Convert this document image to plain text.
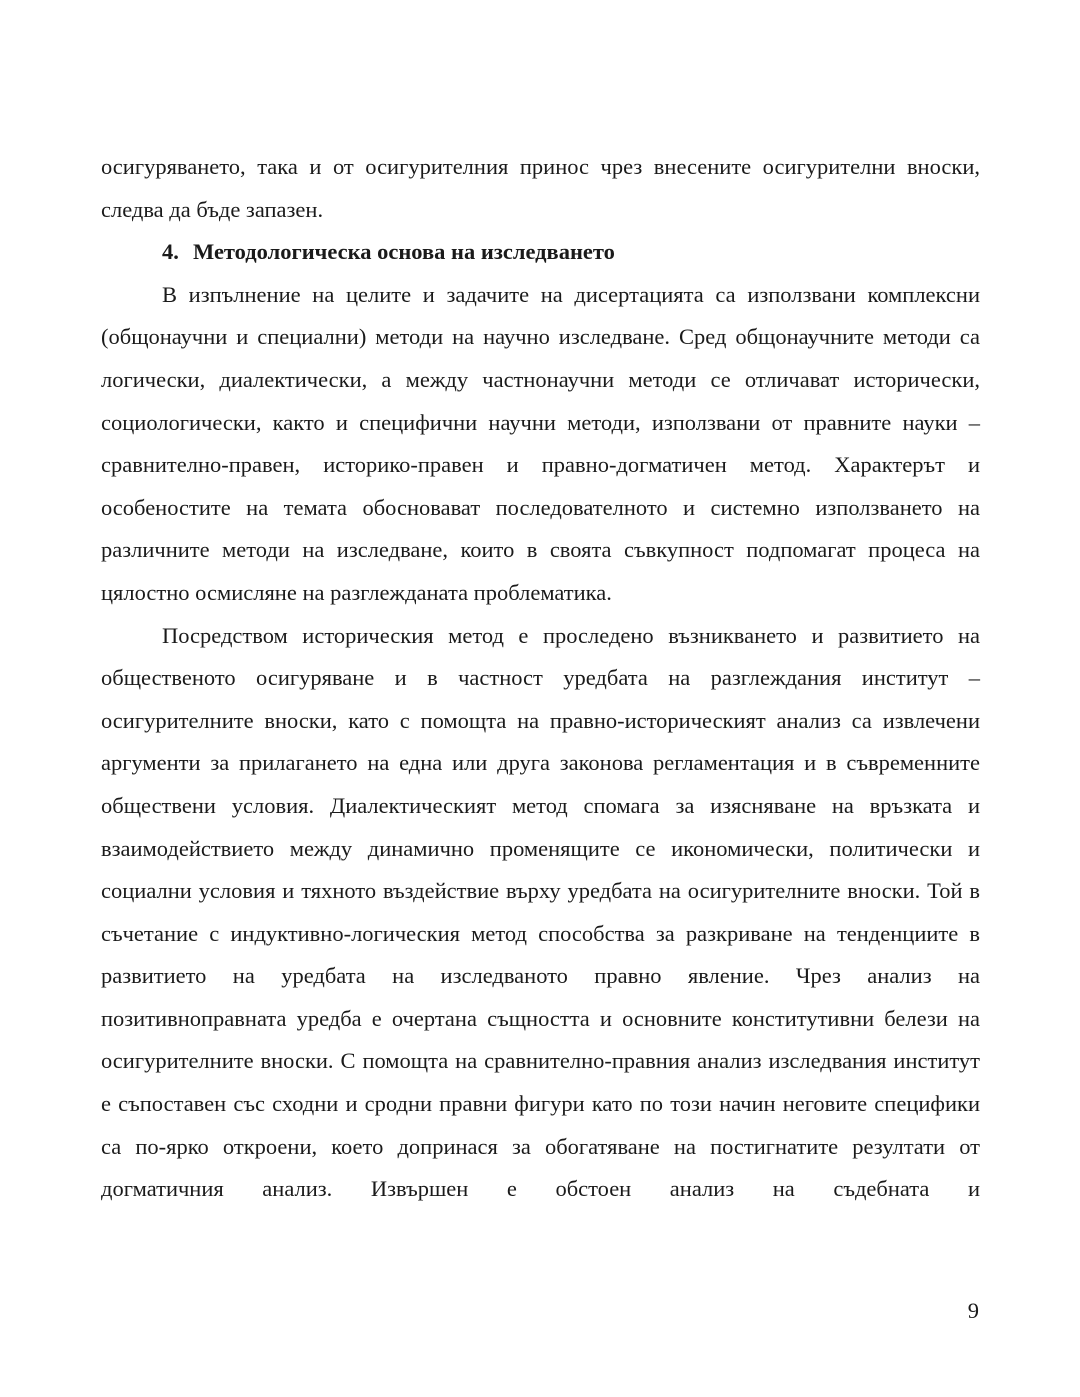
осигуряването, така и от осигурителния принос чрез внесените осигурителни вноски, следва да бъде запазен.

4. Методологическа основа на изследването

В изпълнение на целите и задачите на дисертацията са използвани комплексни (общонаучни и специални) методи на научно изследване. Сред общонаучните методи са логически, диалектически, а между частнонаучни методи се отличават исторически, социологически, както и специфични научни методи, използвани от правните науки – сравнително-правен, историко-правен и правно-догматичен метод. Характерът и особеностите на темата обосновават последователното и системно използването на различните методи на изследване, които в своята съвкупност подпомагат процеса на цялостно осмисляне на разглежданата проблематика.

Посредством историческия метод е проследено възникването и развитието на общественото осигуряване и в частност уредбата на разглеждания институт – осигурителните вноски, като с помощта на правно-историческият анализ са извлечени аргументи за прилагането на една или друга законова регламентация и в съвременните обществени условия. Диалектическият метод спомага за изясняване на връзката и взаимодействието между динамично променящите се икономически, политически и социални условия и тяхното въздействие върху уредбата на осигурителните вноски. Той в съчетание с индуктивно-логическия метод способства за разкриване на тенденциите в развитието на уредбата на изследваното правно явление. Чрез анализ на позитивноправната уредба е очертана същността и основните конститутивни белези на осигурителните вноски. С помощта на сравнително-правния анализ изследвания институт е съпоставен със сходни и сродни правни фигури като по този начин неговите специфики са по-ярко откроени, което допринася за обогатяване на постигнатите резултати от догматичния анализ. Извършен е обстоен анализ на съдебната и

9
